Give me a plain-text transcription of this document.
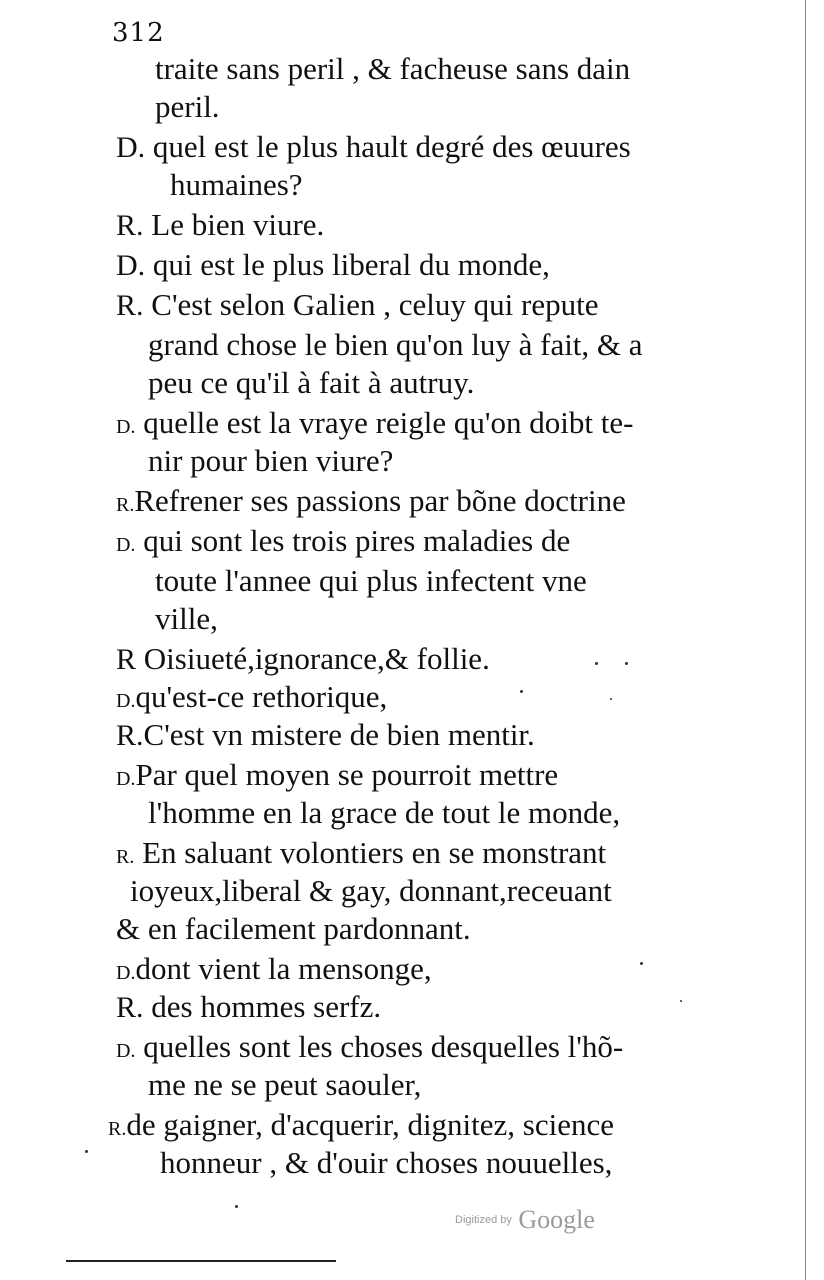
312
traite sans peril , & facheuse sans dain
peril.
D. quel est le plus hault degré des œuures
humaines?
R. Le bien viure.
D. qui est le plus liberal du monde,
R. C'est selon Galien , celuy qui repute
grand chose le bien qu'on luy à fait, & a
peu ce qu'il à fait à autruy.
D. quelle est la vraye reigle qu'on doibt te-
nir pour bien viure?
R.Refrener ses passions par bõne doctrine
D. qui sont les trois pires maladies de
toute l'annee qui plus infectent vne
ville,
R Oisiueté,ignorance,& follie.
D.qu'est-ce rethorique,
R.C'est vn mistere de bien mentir.
D.Par quel moyen se pourroit mettre
l'homme en la grace de tout le monde,
R. En saluant volontiers en se monstrant
ioyeux,liberal & gay, donnant,receuant
& en facilement pardonnant.
D.dont vient la mensonge,
R. des hommes serfz.
D. quelles sont les choses desquelles l'hõ-
me ne se peut saouler,
R.de gaigner, d'acquerir, dignitez, science
honneur , & d'ouir choses nouuelles,
Digitized by Google
